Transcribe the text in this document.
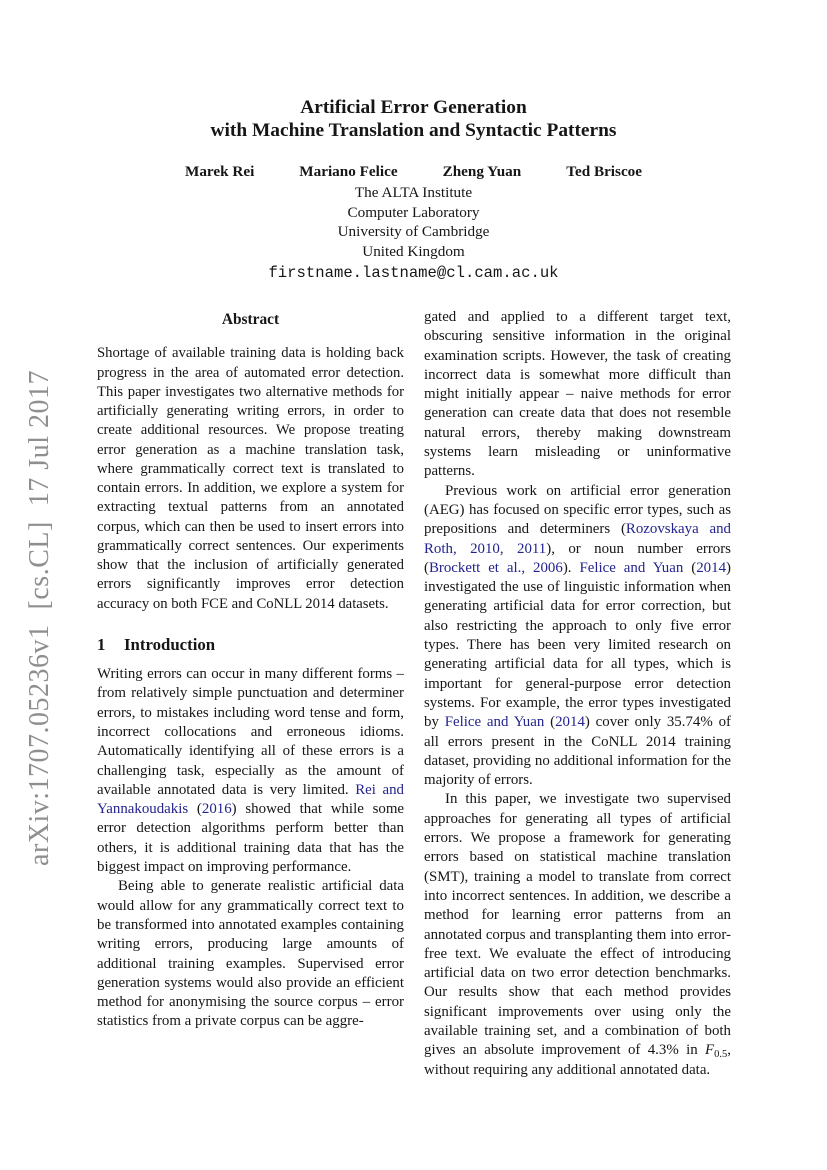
arXiv:1707.05236v1  [cs.CL]  17 Jul 2017
Artificial Error Generation
with Machine Translation and Syntactic Patterns
Marek Rei	Mariano Felice	Zheng Yuan	Ted Briscoe
The ALTA Institute
Computer Laboratory
University of Cambridge
United Kingdom
firstname.lastname@cl.cam.ac.uk
Abstract

Shortage of available training data is holding back progress in the area of automated error detection. This paper investigates two alternative methods for artificially generating writing errors, in order to create additional resources. We propose treating error generation as a machine translation task, where grammatically correct text is translated to contain errors. In addition, we explore a system for extracting textual patterns from an annotated corpus, which can then be used to insert errors into grammatically correct sentences. Our experiments show that the inclusion of artificially generated errors significantly improves error detection accuracy on both FCE and CoNLL 2014 datasets.

1 Introduction

Writing errors can occur in many different forms – from relatively simple punctuation and determiner errors, to mistakes including word tense and form, incorrect collocations and erroneous idioms. Automatically identifying all of these errors is a challenging task, especially as the amount of available annotated data is very limited. Rei and Yannakoudakis (2016) showed that while some error detection algorithms perform better than others, it is additional training data that has the biggest impact on improving performance.

Being able to generate realistic artificial data would allow for any grammatically correct text to be transformed into annotated examples containing writing errors, producing large amounts of additional training examples. Supervised error generation systems would also provide an efficient method for anonymising the source corpus – error statistics from a private corpus can be aggre-

gated and applied to a different target text, obscuring sensitive information in the original examination scripts. However, the task of creating incorrect data is somewhat more difficult than might initially appear – naive methods for error generation can create data that does not resemble natural errors, thereby making downstream systems learn misleading or uninformative patterns.

Previous work on artificial error generation (AEG) has focused on specific error types, such as prepositions and determiners (Rozovskaya and Roth, 2010, 2011), or noun number errors (Brockett et al., 2006). Felice and Yuan (2014) investigated the use of linguistic information when generating artificial data for error correction, but also restricting the approach to only five error types. There has been very limited research on generating artificial data for all types, which is important for general-purpose error detection systems. For example, the error types investigated by Felice and Yuan (2014) cover only 35.74% of all errors present in the CoNLL 2014 training dataset, providing no additional information for the majority of errors.

In this paper, we investigate two supervised approaches for generating all types of artificial errors. We propose a framework for generating errors based on statistical machine translation (SMT), training a model to translate from correct into incorrect sentences. In addition, we describe a method for learning error patterns from an annotated corpus and transplanting them into error-free text. We evaluate the effect of introducing artificial data on two error detection benchmarks. Our results show that each method provides significant improvements over using only the available training set, and a combination of both gives an absolute improvement of 4.3% in $F_{0.5}$, without requiring any additional annotated data.
